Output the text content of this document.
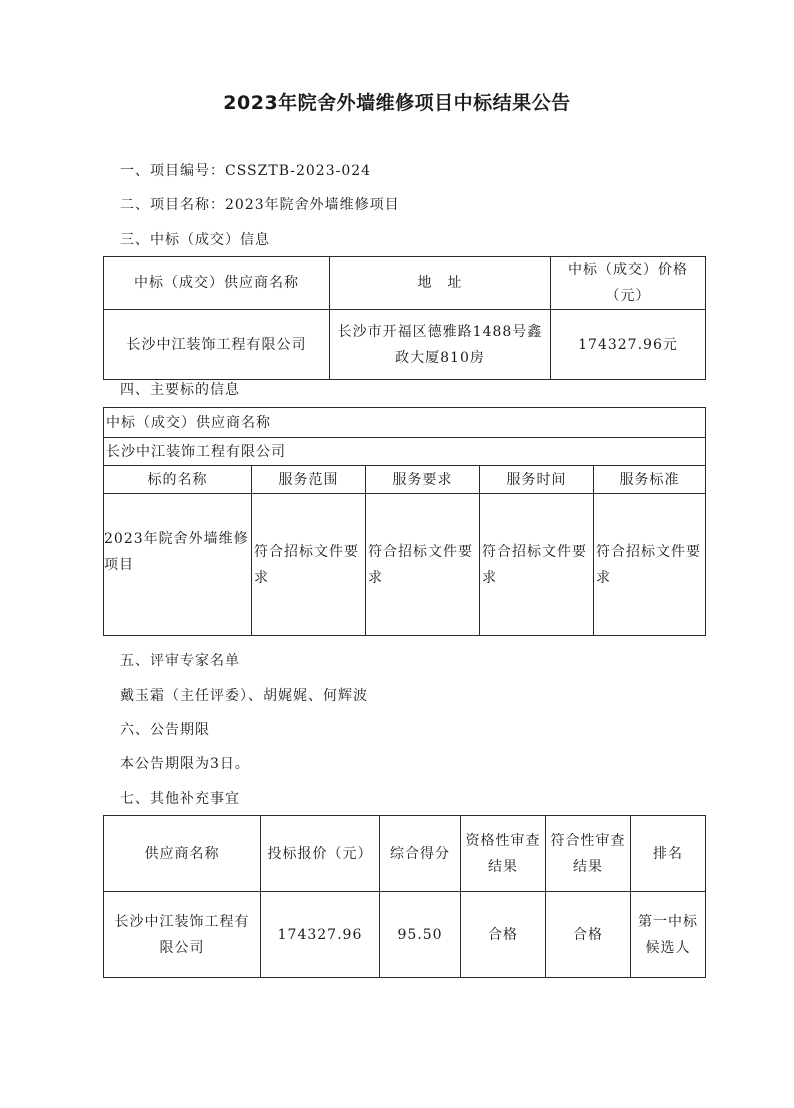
2023年院舍外墙维修项目中标结果公告
一、项目编号：CSSZTB-2023-024
二、项目名称：2023年院舍外墙维修项目
三、中标（成交）信息
中标（成交）供应商名称	地　址	中标（成交）价格（元）
长沙中江装饰工程有限公司	长沙市开福区德雅路1488号鑫政大厦810房	174327.96元
四、主要标的信息
中标（成交）供应商名称				
长沙中江装饰工程有限公司				
标的名称	服务范围	服务要求	服务时间	服务标准
2023年院舍外墙维修项目	符合招标文件要求	符合招标文件要求	符合招标文件要求	符合招标文件要求
五、评审专家名单
戴玉霜（主任评委）、胡娓娓、何辉波
六、公告期限
本公告期限为3日。
七、其他补充事宜
供应商名称	投标报价（元）	综合得分	资格性审查结果	符合性审查结果	排名
长沙中江装饰工程有限公司	174327.96	95.50	合格	合格	第一中标候选人
